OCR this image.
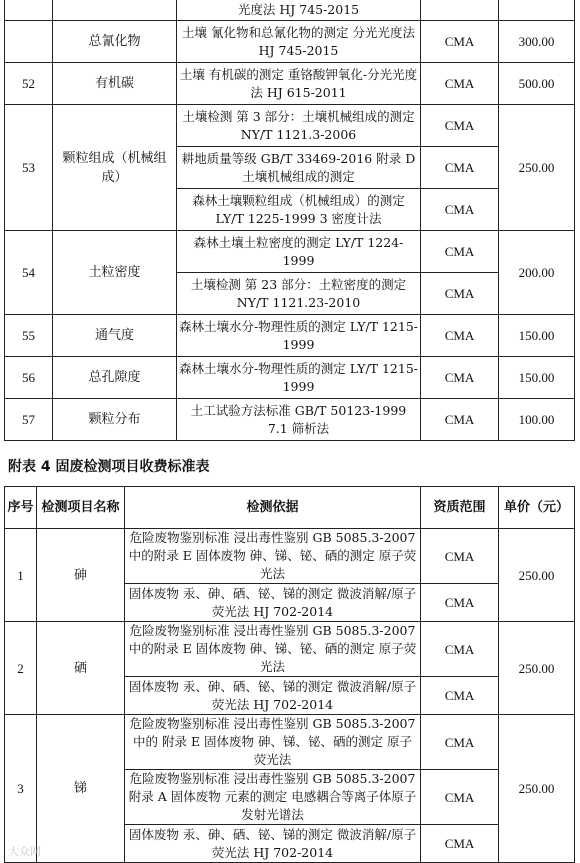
		光度法 HJ 745-2015		
	总氰化物	土壤 氰化物和总氰化物的测定 分光光度法 HJ 745-2015	CMA	300.00
52	有机碳	土壤 有机碳的测定 重铬酸钾氧化-分光光度法 HJ 615-2011	CMA	500.00
53	颗粒组成（机械组成）	土壤检测 第 3 部分：土壤机械组成的测定 NY/T 1121.3-2006	CMA	250.00
		耕地质量等级 GB/T 33469-2016 附录 D 土壤机械组成的测定	CMA	
		森林土壤颗粒组成（机械组成）的测定 LY/T 1225-1999 3 密度计法	CMA	
54	土粒密度	森林土壤土粒密度的测定 LY/T 1224-1999	CMA	200.00
		土壤检测 第 23 部分：土粒密度的测定 NY/T 1121.23-2010	CMA	
55	通气度	森林土壤水分-物理性质的测定 LY/T 1215-1999	CMA	150.00
56	总孔隙度	森林土壤水分-物理性质的测定 LY/T 1215-1999	CMA	150.00
57	颗粒分布	土工试验方法标准 GB/T 50123-1999 7.1 筛析法	CMA	100.00
附表 4 固废检测项目收费标准表
序号	检测项目名称	检测依据	资质范围	单价（元）
1	砷	危险废物鉴别标准 浸出毒性鉴别 GB 5085.3-2007 中的附录 E 固体废物 砷、锑、铋、硒的测定 原子荧光法	CMA	250.00
		固体废物 汞、砷、硒、铋、锑的测定 微波消解/原子荧光法 HJ 702-2014	CMA	
2	硒	危险废物鉴别标准 浸出毒性鉴别 GB 5085.3-2007 中的附录 E 固体废物 砷、锑、铋、硒的测定 原子荧光法	CMA	250.00
		固体废物 汞、砷、硒、铋、锑的测定 微波消解/原子荧光法 HJ 702-2014	CMA	
3	锑	危险废物鉴别标准 浸出毒性鉴别 GB 5085.3-2007 中的 附录 E 固体废物 砷、锑、铋、硒的测定 原子荧光法	CMA	250.00
		危险废物鉴别标准 浸出毒性鉴别 GB 5085.3-2007 附录 A 固体废物 元素的测定 电感耦合等离子体原子发射光谱法	CMA	
		固体废物 汞、砷、硒、铋、锑的测定 微波消解/原子荧光法 HJ 702-2014	CMA	
大众网
